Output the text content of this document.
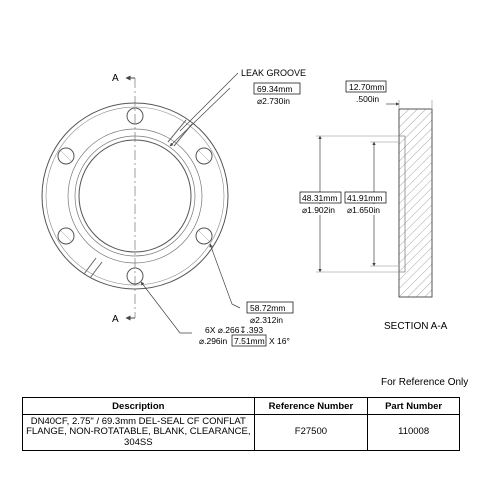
A
A
LEAK GROOVE
69.34mm
⌀2.730in
58.72mm
⌀2.312in
6X ⌀.266↧.393
⌀.296in 7.51mm X 16°
12.70mm
.500in
48.31mm
⌀1.902in
41.91mm
⌀1.650in
SECTION A-A
For Reference Only
Description	Reference Number	Part Number
DN40CF, 2.75" / 69.3mm DEL-SEAL CF CONFLAT FLANGE, NON-ROTATABLE, BLANK, CLEARANCE, 304SS	F27500	110008
